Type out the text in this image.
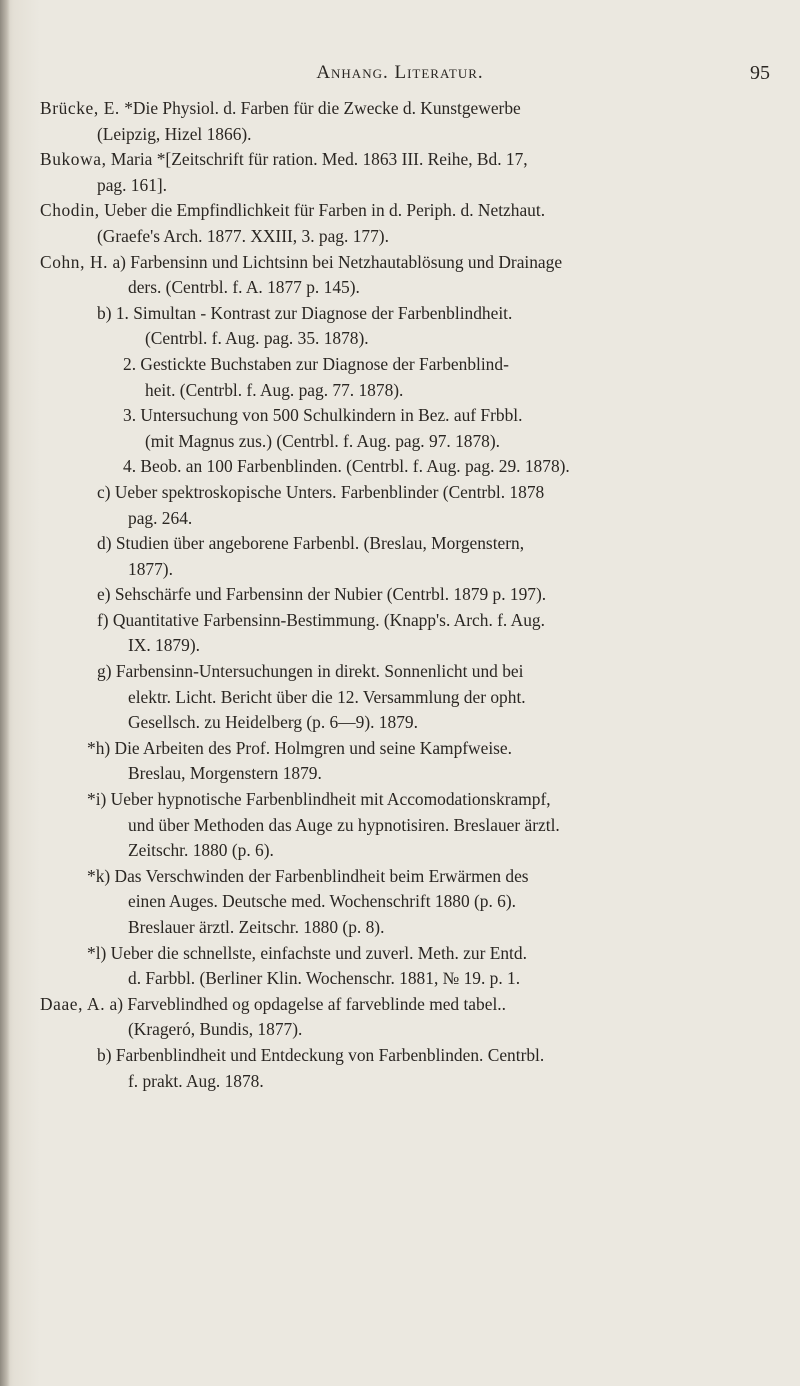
Anhang. Literatur.	95
Brücke, E. *Die Physiol. d. Farben für die Zwecke d. Kunstgewerbe
(Leipzig, Hizel 1866).
Bukowa, Maria *[Zeitschrift für ration. Med. 1863 III. Reihe, Bd. 17,
pag. 161].
Chodin, Ueber die Empfindlichkeit für Farben in d. Periph. d. Netzhaut.
(Graefe's Arch. 1877. XXIII, 3. pag. 177).
Cohn, H. a) Farbensinn und Lichtsinn bei Netzhautablösung und Drainage
ders. (Centrbl. f. A. 1877 p. 145).
b) 1. Simultan - Kontrast zur Diagnose der Farbenblindheit.
(Centrbl. f. Aug. pag. 35. 1878).
2. Gestickte Buchstaben zur Diagnose der Farbenblind-
heit. (Centrbl. f. Aug. pag. 77. 1878).
3. Untersuchung von 500 Schulkindern in Bez. auf Frbbl.
(mit Magnus zus.) (Centrbl. f. Aug. pag. 97. 1878).
4. Beob. an 100 Farbenblinden. (Centrbl. f. Aug. pag. 29. 1878).
c) Ueber spektroskopische Unters. Farbenblinder (Centrbl. 1878
pag. 264.
d) Studien über angeborene Farbenbl. (Breslau, Morgenstern,
1877).
e) Sehschärfe und Farbensinn der Nubier (Centrbl. 1879 p. 197).
f) Quantitative Farbensinn-Bestimmung. (Knapp's. Arch. f. Aug.
IX. 1879).
g) Farbensinn-Untersuchungen in direkt. Sonnenlicht und bei
elektr. Licht. Bericht über die 12. Versammlung der opht.
Gesellsch. zu Heidelberg (p. 6—9). 1879.
*h) Die Arbeiten des Prof. Holmgren und seine Kampfweise.
Breslau, Morgenstern 1879.
*i) Ueber hypnotische Farbenblindheit mit Accomodationskrampf,
und über Methoden das Auge zu hypnotisiren. Breslauer ärztl.
Zeitschr. 1880 (p. 6).
*k) Das Verschwinden der Farbenblindheit beim Erwärmen des
einen Auges. Deutsche med. Wochenschrift 1880 (p. 6).
Breslauer ärztl. Zeitschr. 1880 (p. 8).
*l) Ueber die schnellste, einfachste und zuverl. Meth. zur Entd.
d. Farbbl. (Berliner Klin. Wochenschr. 1881, № 19. p. 1.
Daae, A. a) Farveblindhed og opdagelse af farveblinde med tabel..
(Krageró, Bundis, 1877).
b) Farbenblindheit und Entdeckung von Farbenblinden. Centrbl.
f. prakt. Aug. 1878.
